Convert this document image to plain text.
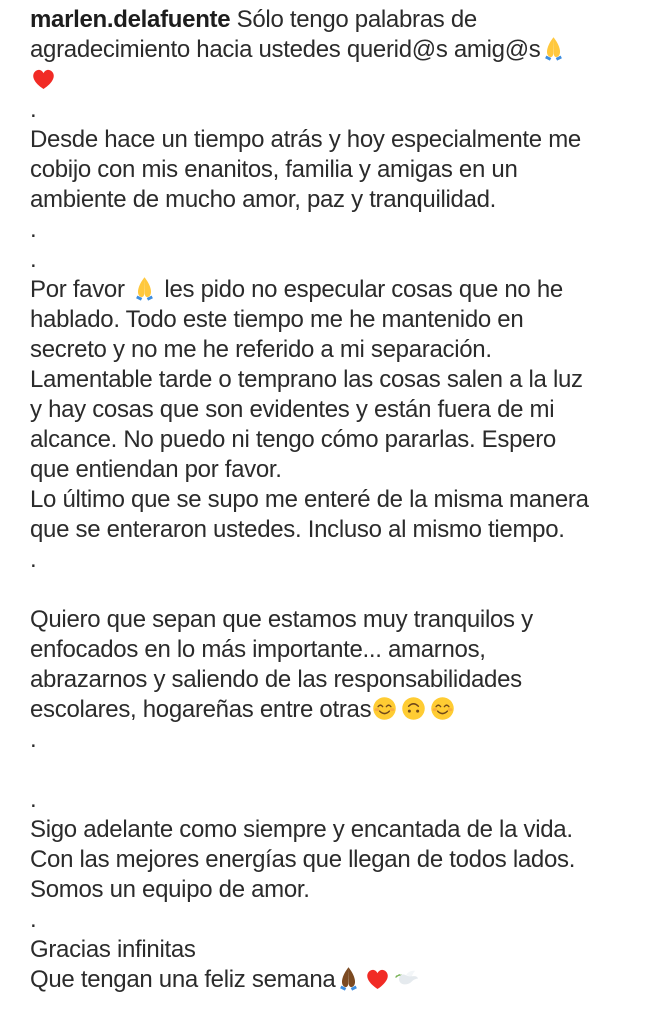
marlen.delafuente Sólo tengo palabras de
agradecimiento hacia ustedes querid@s amig@s
.
Desde hace un tiempo atrás y hoy especialmente me
cobijo con mis enanitos, familia y amigas en un
ambiente de mucho amor, paz y tranquilidad.
.
.
Por favor
les pido no especular cosas que no he
hablado. Todo este tiempo me he mantenido en
secreto y no me he referido a mi separación.
Lamentable tarde o temprano las cosas salen a la luz
y hay cosas que son evidentes y están fuera de mi
alcance. No puedo ni tengo cómo pararlas. Espero
que entiendan por favor.
Lo último que se supo me enteré de la misma manera
que se enteraron ustedes. Incluso al mismo tiempo.
.

Quiero que sepan que estamos muy tranquilos y
enfocados en lo más importante... amarnos,
abrazarnos y saliendo de las responsabilidades
escolares, hogareñas entre otras
.

.
Sigo adelante como siempre y encantada de la vida.
Con las mejores energías que llegan de todos lados.
Somos un equipo de amor.
.
Gracias infinitas
Que tengan una feliz semana
